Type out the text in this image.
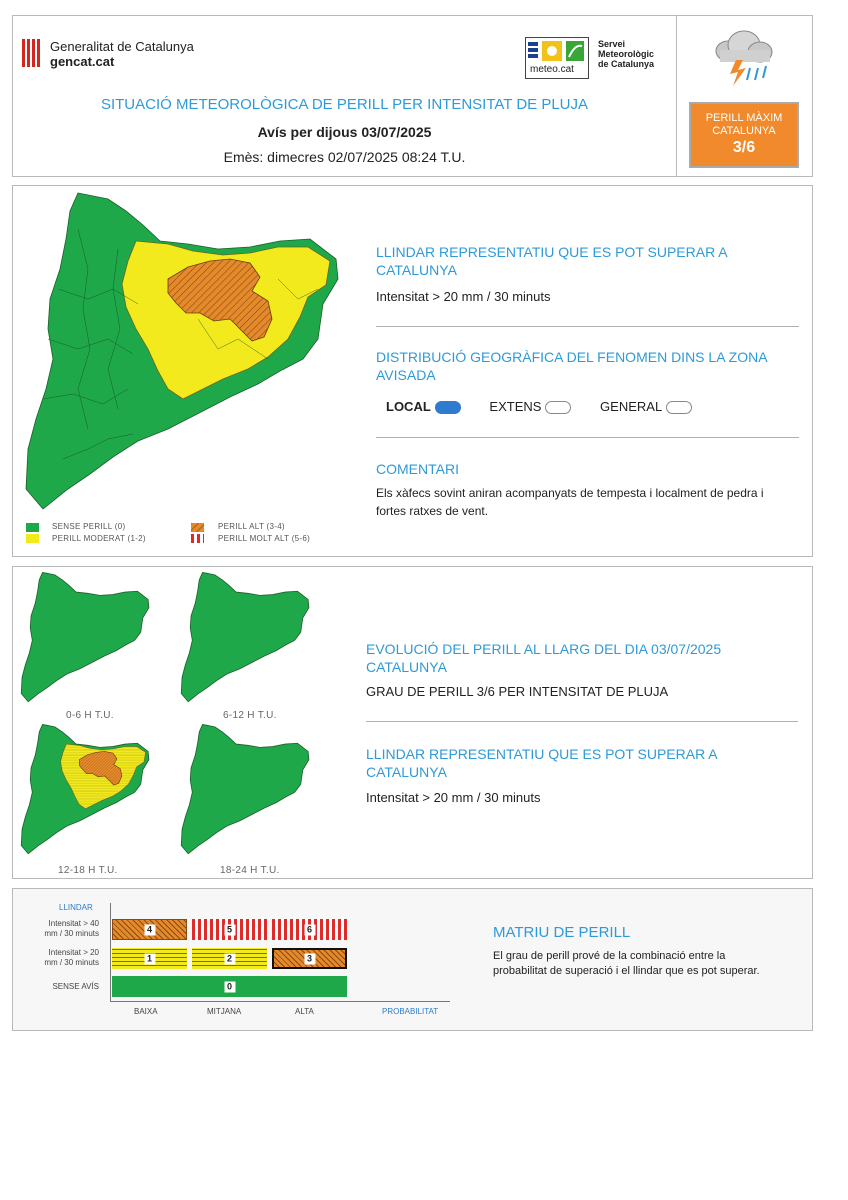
Generalitat de Catalunya
gencat.cat
meteo.cat
Servei
Meteorològic
de Catalunya
PERILL MÀXIM
CATALUNYA
3/6
SITUACIÓ METEOROLÒGICA DE PERILL PER INTENSITAT DE PLUJA
Avís per dijous 03/07/2025
Emès: dimecres 02/07/2025 08:24 T.U.
SENSE PERILL (0)
PERILL MODERAT (1-2)
PERILL ALT (3-4)
PERILL MOLT ALT (5-6)
LLINDAR REPRESENTATIU QUE ES POT SUPERAR A CATALUNYA
Intensitat > 20 mm / 30 minuts
DISTRIBUCIÓ GEOGRÀFICA DEL FENOMEN DINS LA ZONA AVISADA
LOCAL	EXTENS	GENERAL
COMENTARI
Els xàfecs sovint aniran acompanyats de tempesta i localment de pedra i fortes ratxes de vent.
0-6 H T.U.	6-12 H T.U.
12-18 H T.U.	18-24 H T.U.
EVOLUCIÓ DEL PERILL AL LLARG DEL DIA 03/07/2025 CATALUNYA
GRAU DE PERILL 3/6 PER INTENSITAT DE PLUJA
LLINDAR REPRESENTATIU QUE ES POT SUPERAR A CATALUNYA
Intensitat > 20 mm / 30 minuts
LLINDAR
Intensitat > 40
mm / 30 minuts
Intensitat > 20
mm / 30 minuts
SENSE AVÍS
4	5	6
1	2	3
0
BAIXA	MITJANA	ALTA	PROBABILITAT
MATRIU DE PERILL
El grau de perill prové de la combinació entre la probabilitat de superació i el llindar que es pot superar.
